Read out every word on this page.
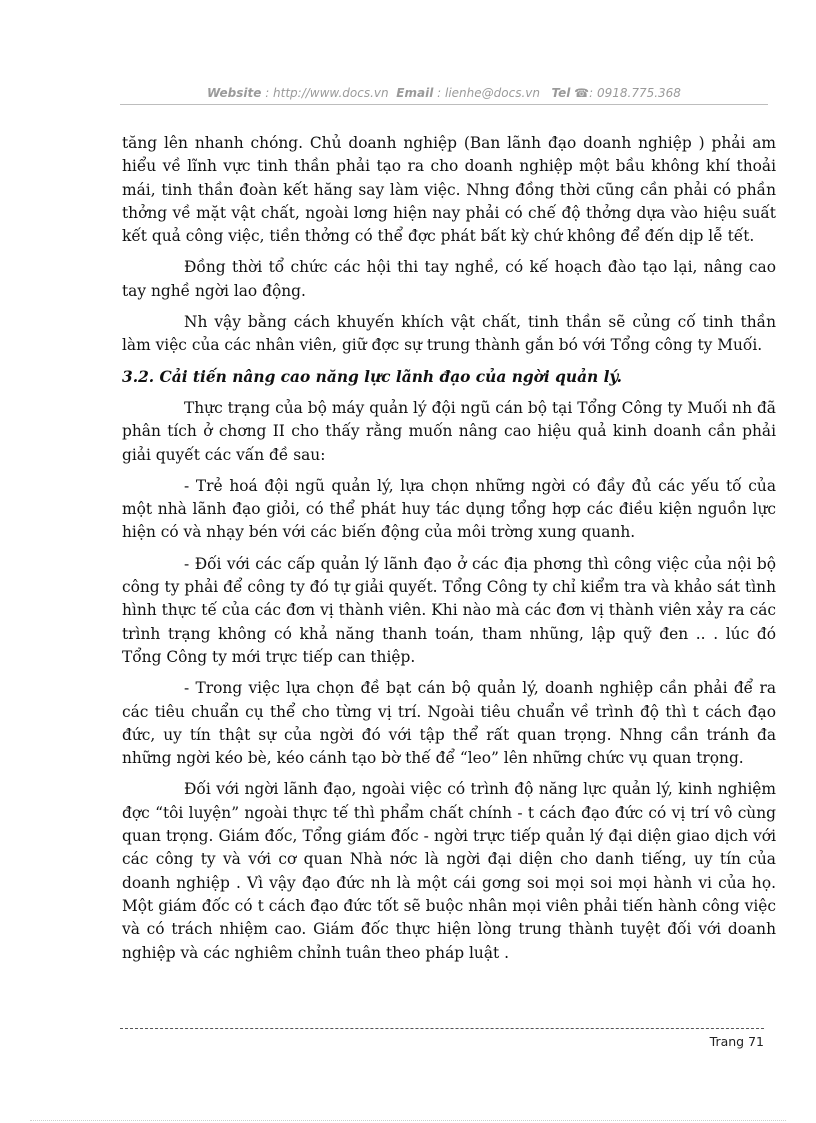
Website : http://www.docs.vn Email : lienhe@docs.vn Tel ☎: 0918.775.368

tăng lên nhanh chóng. Chủ doanh nghiệp (Ban lãnh đạo doanh nghiệp ) phải am hiểu về lĩnh vực tinh thần phải tạo ra cho doanh nghiệp một bầu không khí thoải mái, tinh thần đoàn kết hăng say làm việc. Nhng đồng thời cũng cần phải có phần thởng về mặt vật chất, ngoài lơng hiện nay phải có chế độ thởng dựa vào hiệu suất kết quả công việc, tiền thởng có thể đợc phát bất kỳ chứ không để đến dịp lễ tết.

Đồng thời tổ chức các hội thi tay nghề, có kế hoạch đào tạo lại, nâng cao tay nghề ngời lao động.

Nh vậy bằng cách khuyến khích vật chất, tinh thần sẽ củng cố tinh thần làm việc của các nhân viên, giữ đợc sự trung thành gắn bó với Tổng công ty Muối.

3.2. Cải tiến nâng cao năng lực lãnh đạo của ngời quản lý.

Thực trạng của bộ máy quản lý đội ngũ cán bộ tại Tổng Công ty Muối nh đã phân tích ở chơng II cho thấy rằng muốn nâng cao hiệu quả kinh doanh cần phải giải quyết các vấn đề sau:

- Trẻ hoá đội ngũ quản lý, lựa chọn những ngời có đầy đủ các yếu tố của một nhà lãnh đạo giỏi, có thể phát huy tác dụng tổng hợp các điều kiện nguồn lực hiện có và nhạy bén với các biến động của môi trờng xung quanh.

- Đối với các cấp quản lý lãnh đạo ở các địa phơng thì công việc của nội bộ công ty phải để công ty đó tự giải quyết. Tổng Công ty chỉ kiểm tra và khảo sát tình hình thực tế của các đơn vị thành viên. Khi nào mà các đơn vị thành viên xảy ra các trình trạng không có khả năng thanh toán, tham nhũng, lập quỹ đen .. . lúc đó Tổng Công ty mới trực tiếp can thiệp.

- Trong việc lựa chọn đề bạt cán bộ quản lý, doanh nghiệp cần phải để ra các tiêu chuẩn cụ thể cho từng vị trí. Ngoài tiêu chuẩn về trình độ thì t cách đạo đức, uy tín thật sự của ngời đó với tập thể rất quan trọng. Nhng cần tránh đa những ngời kéo bè, kéo cánh tạo bờ thế để “leo” lên những chức vụ quan trọng.

Đối với ngời lãnh đạo, ngoài việc có trình độ năng lực quản lý, kinh nghiệm đợc “tôi luyện” ngoài thực tế thì phẩm chất chính - t cách đạo đức có vị trí vô cùng quan trọng. Giám đốc, Tổng giám đốc - ngời trực tiếp quản lý đại diện giao dịch với các công ty và với cơ quan Nhà nớc là ngời đại diện cho danh tiếng, uy tín của doanh nghiệp . Vì vậy đạo đức nh là một cái gơng soi mọi soi mọi hành vi của họ. Một giám đốc có t cách đạo đức tốt sẽ buộc nhân mọi viên phải tiến hành công việc và có trách nhiệm cao. Giám đốc thực hiện lòng trung thành tuyệt đối với doanh nghiệp và các nghiêm chỉnh tuân theo pháp luật .

Trang 71
